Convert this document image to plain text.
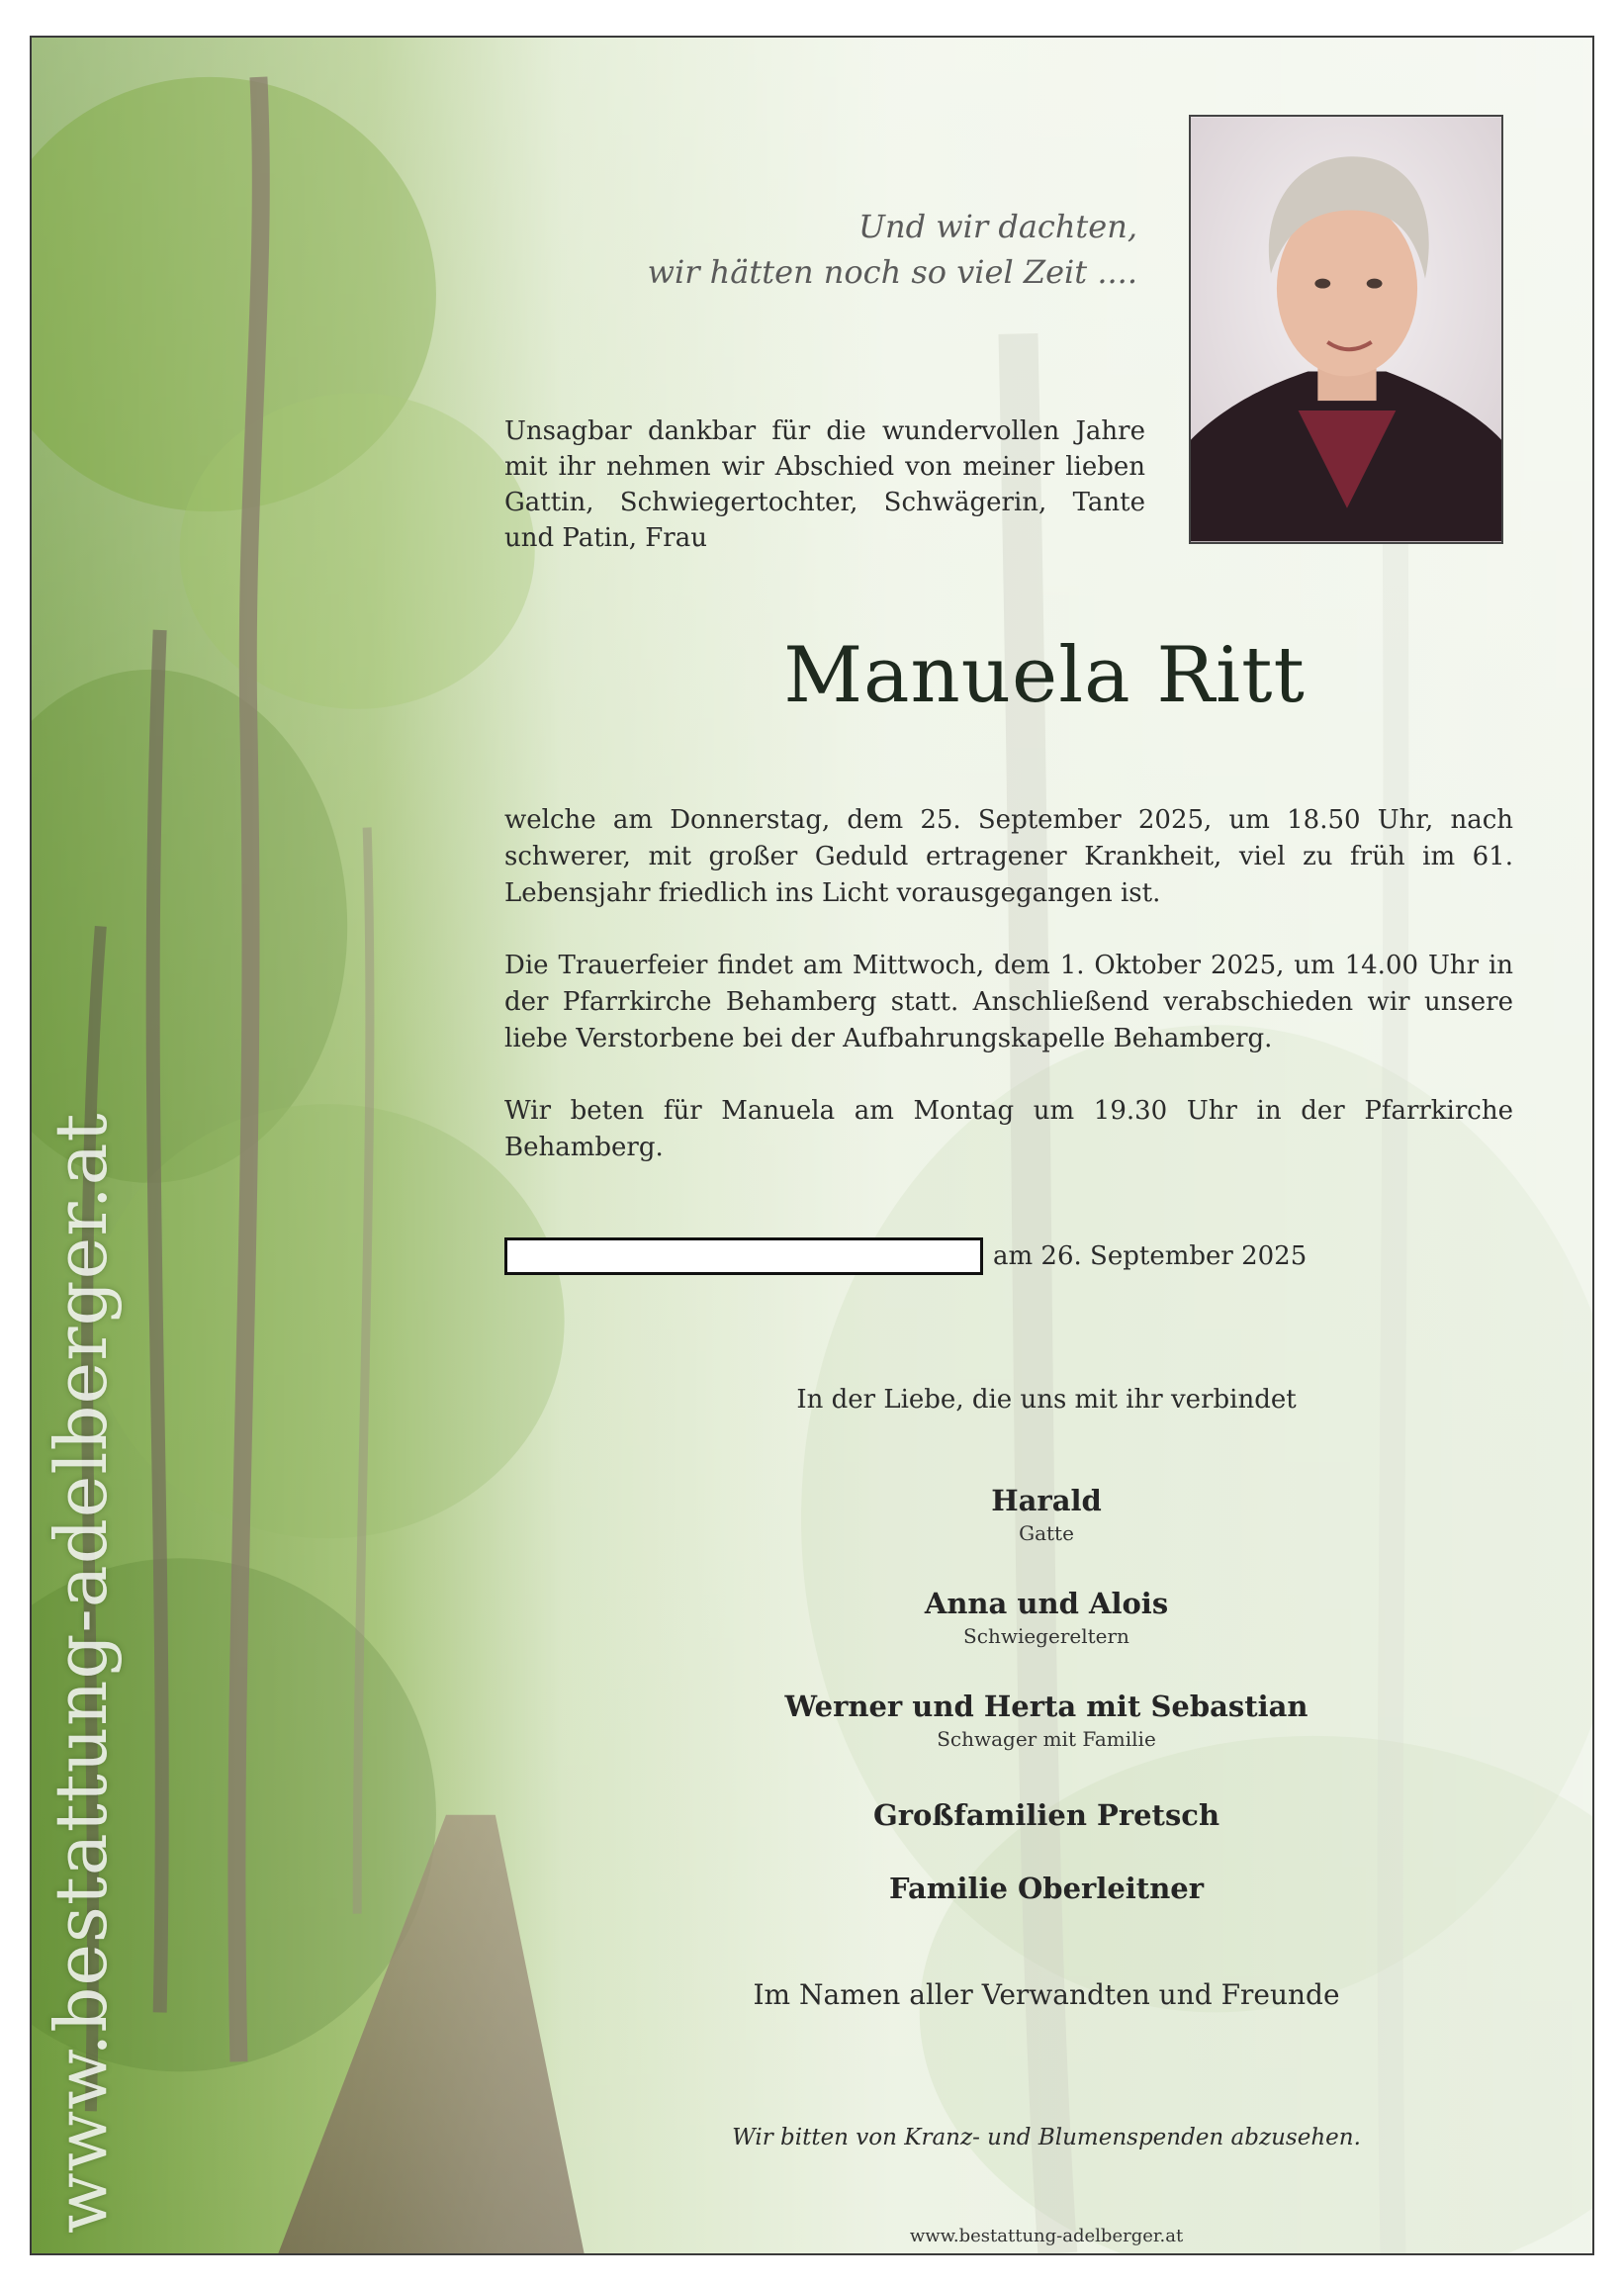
www.bestattung-adelberger.at
Und wir dachten,
wir hätten noch so viel Zeit ....
Unsagbar dankbar für die wundervollen Jahre mit ihr nehmen wir Abschied von meiner lieben Gattin, Schwiegertochter, Schwägerin, Tante und Patin, Frau
Manuela Ritt

welche am Donnerstag, dem 25. September 2025, um 18.50 Uhr, nach schwerer, mit großer Geduld ertragener Krankheit, viel zu früh im 61. Lebensjahr friedlich ins Licht vorausgegangen ist.

Die Trauerfeier findet am Mittwoch, dem 1. Oktober 2025, um 14.00 Uhr in der Pfarrkirche Behamberg statt. Anschließend verabschieden wir unsere liebe Verstorbene bei der Aufbahrungskapelle Behamberg.

Wir beten für Manuela am Montag um 19.30 Uhr in der Pfarrkirche Behamberg.

am 26. September 2025
In der Liebe, die uns mit ihr verbindet
Harald
Gatte
Anna und Alois
Schwiegereltern
Werner und Herta mit Sebastian
Schwager mit Familie
Großfamilien Pretsch
Familie Oberleitner
Im Namen aller Verwandten und Freunde
Wir bitten von Kranz- und Blumenspenden abzusehen.
www.bestattung-adelberger.at
